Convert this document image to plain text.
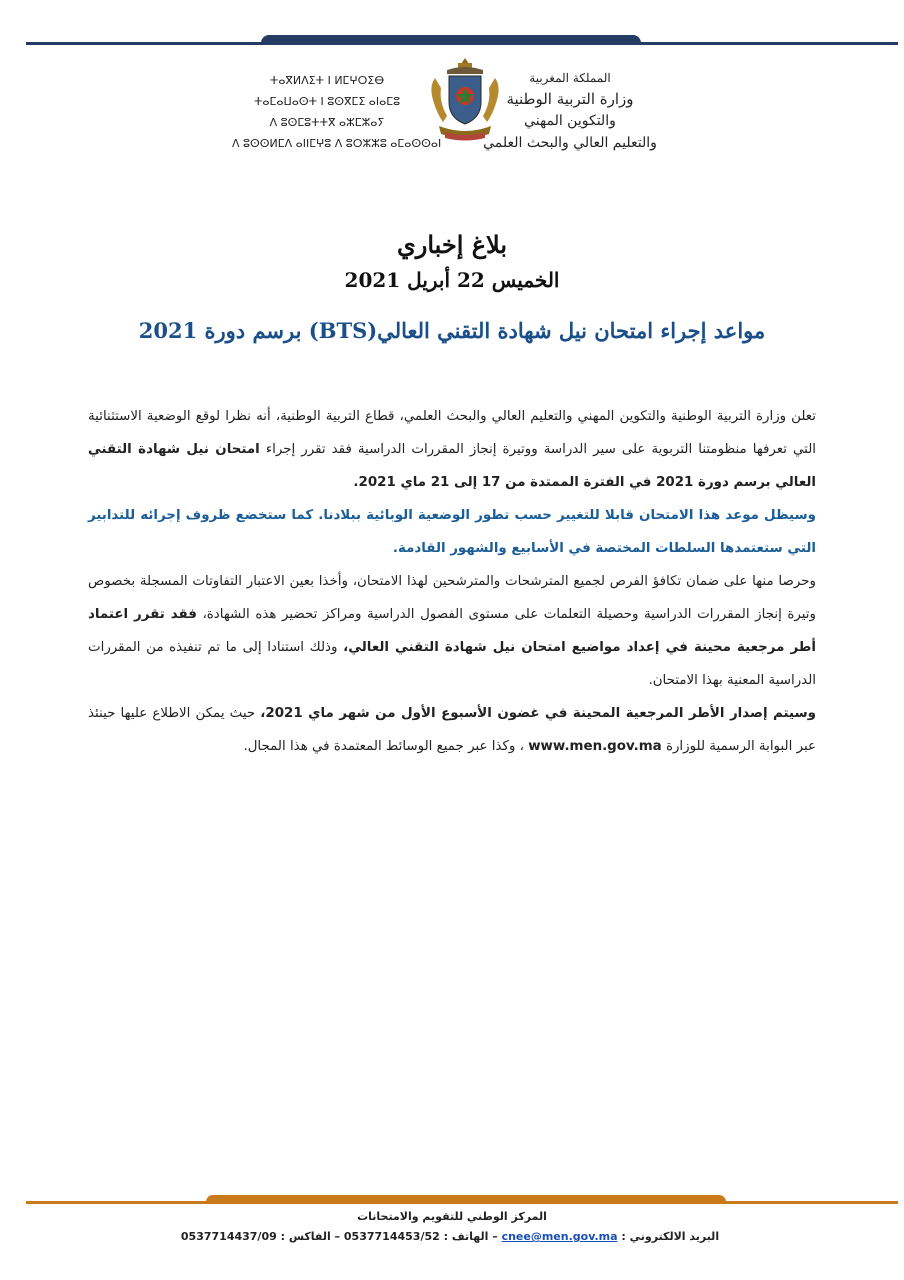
ⵜⴰⴳⵍⴷⵉⵜ ⵏ ⵍⵎⵖⵔⵉⴱ
ⵜⴰⵎⴰⵡⴰⵙⵜ ⵏ ⵓⵙⴳⵎⵉ ⴰⵏⴰⵎⵓ
ⴷ ⵓⵙⵎⵓⵜⵜⴳ ⴰⵣⵎⵣⴰⵢ
ⴷ ⵓⵙⵙⵍⵎⴷ ⴰⵏⵏⵎⵖⵓ ⴷ ⵓⵔⵣⵣⵓ ⴰⵎⴰⵙⵙⴰⵏ
المملكة المغربية
وزارة التربية الوطنية
والتكوين المهني
والتعليم العالي والبحث العلمي
بلاغ إخباري
الخميس 22 أبريل 2021
مواعد إجراء امتحان نيل شهادة التقني العالي(BTS) برسم دورة 2021

تعلن وزارة التربية الوطنية والتكوين المهني والتعليم العالي والبحث العلمي، قطاع التربية الوطنية، أنه نظرا لوقع الوضعية الاستثنائية التي تعرفها منظومتنا التربوية على سير الدراسة ووتيرة إنجاز المقررات الدراسية فقد تقرر إجراء امتحان نيل شهادة التقني العالي برسم دورة 2021 في الفترة الممتدة من 17 إلى 21 ماي 2021.

وسيظل موعد هذا الامتحان قابلا للتغيير حسب تطور الوضعية الوبائية ببلادنا. كما ستخضع ظروف إجرائه للتدابير التي ستعتمدها السلطات المختصة في الأسابيع والشهور القادمة.

وحرصا منها على ضمان تكافؤ الفرص لجميع المترشحات والمترشحين لهذا الامتحان، وأخذا بعين الاعتبار التفاوتات المسجلة بخصوص وتيرة إنجاز المقررات الدراسية وحصيلة التعلمات على مستوى الفصول الدراسية ومراكز تحضير هذه الشهادة، فقد تقرر اعتماد أطر مرجعية محينة في إعداد مواضيع امتحان نيل شهادة التقني العالي، وذلك استنادا إلى ما تم تنفيذه من المقررات الدراسية المعنية بهذا الامتحان.

وسيتم إصدار الأطر المرجعية المحينة في غضون الأسبوع الأول من شهر ماي 2021، حيث يمكن الاطلاع عليها حينئذ عبر البوابة الرسمية للوزارة www.men.gov.ma ، وكذا عبر جميع الوسائط المعتمدة في هذا المجال.

المركز الوطني للتقويم والامتحانات
البريد الالكتروني : cnee@men.gov.ma – الهاتف : 0537714453/52 – الفاكس : 0537714437/09
